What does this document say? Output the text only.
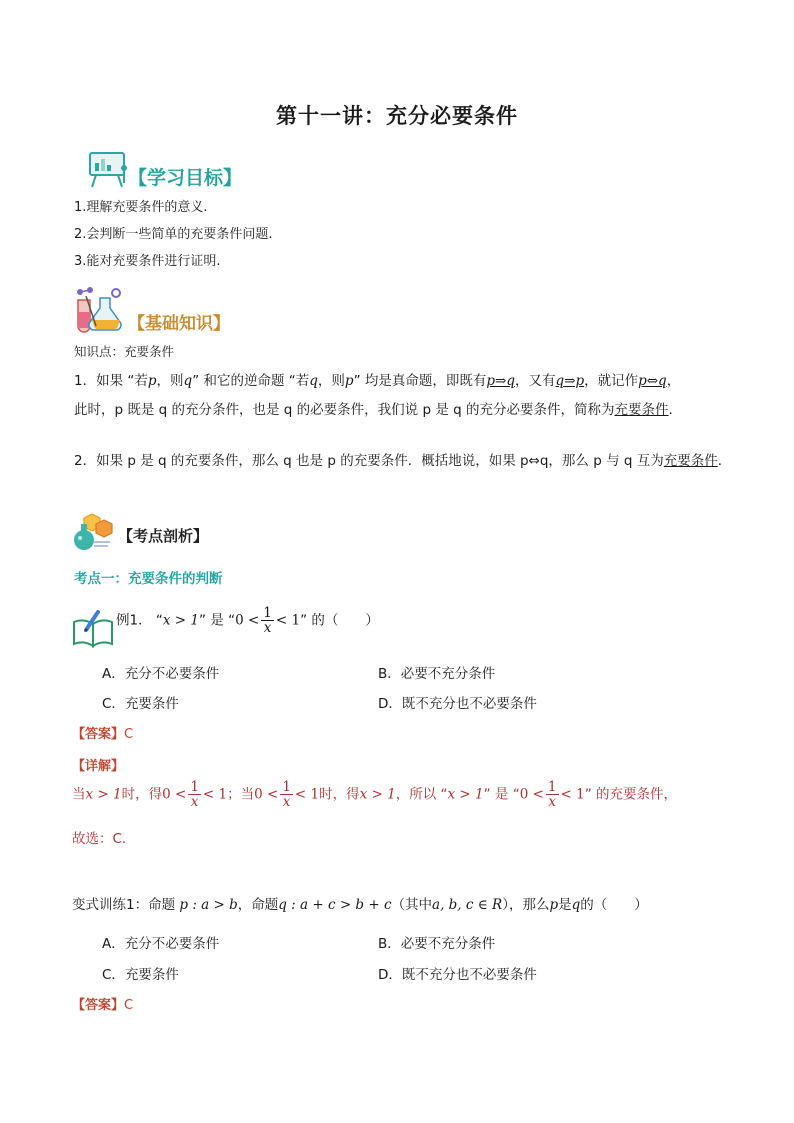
第十一讲：充分必要条件
【学习目标】
1.理解充要条件的意义.
2.会判断一些简单的充要条件问题.
3.能对充要条件进行证明.
【基础知识】
知识点：充要条件
1．如果 “若p，则q” 和它的逆命题 “若q，则p” 均是真命题，即既有p⇒q，又有q⇒p，就记作p⇔q，
此时，p 既是 q 的充分条件，也是 q 的必要条件，我们说 p 是 q 的充分必要条件，简称为充要条件．
2．如果 p 是 q 的充要条件，那么 q 也是 p 的充要条件．概括地说，如果 p⇔q，那么 p 与 q 互为充要条件．
【考点剖析】
考点一：充要条件的判断
例1． “x > 1” 是 “$0 < \frac{1}{x} < 1$” 的（　　）
A．充分不必要条件	B．必要不充分条件
C．充要条件	D．既不充分也不必要条件
【答案】C
【详解】
当x > 1时，得$0 < \frac{1}{x} < 1$；当$0 < \frac{1}{x} < 1$时，得x > 1，所以 “x > 1” 是 “$0 < \frac{1}{x} < 1$” 的充要条件，
故选：C．
变式训练1：命题 p : a > b，命题q : a + c > b + c（其中a, b, c ∈ R），那么p是q的（　　）
A．充分不必要条件	B．必要不充分条件
C．充要条件	D．既不充分也不必要条件
【答案】C
